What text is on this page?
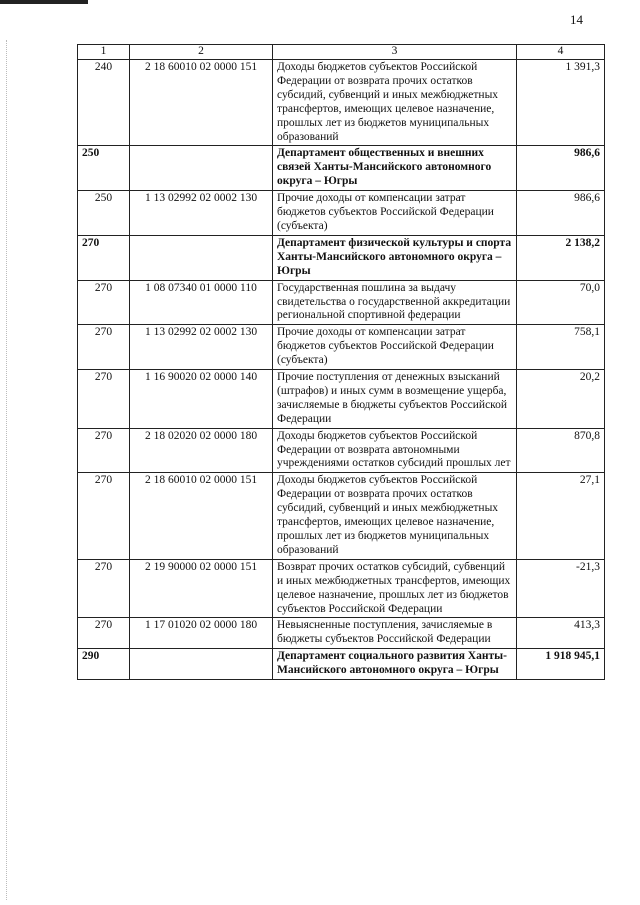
14
1	2	3	4
240	2 18 60010 02 0000 151	Доходы бюджетов субъектов Российской Федерации от возврата прочих остатков субсидий, субвенций и иных межбюджетных трансфертов, имеющих целевое назначение, прошлых лет из бюджетов муниципальных образований	1 391,3
250		Департамент общественных и внешних связей Ханты-Мансийского автономного округа – Югры	986,6
250	1 13 02992 02 0002 130	Прочие доходы от компенсации затрат бюджетов субъектов Российской Федерации (субъекта)	986,6
270		Департамент физической культуры и спорта Ханты-Мансийского автономного округа – Югры	2 138,2
270	1 08 07340 01 0000 110	Государственная пошлина за выдачу свидетельства о государственной аккредитации региональной спортивной федерации	70,0
270	1 13 02992 02 0002 130	Прочие доходы от компенсации затрат бюджетов субъектов Российской Федерации (субъекта)	758,1
270	1 16 90020 02 0000 140	Прочие поступления от денежных взысканий (штрафов) и иных сумм в возмещение ущерба, зачисляемые в бюджеты субъектов Российской Федерации	20,2
270	2 18 02020 02 0000 180	Доходы бюджетов субъектов Российской Федерации от возврата автономными учреждениями остатков субсидий прошлых лет	870,8
270	2 18 60010 02 0000 151	Доходы бюджетов субъектов Российской Федерации от возврата прочих остатков субсидий, субвенций и иных межбюджетных трансфертов, имеющих целевое назначение, прошлых лет из бюджетов муниципальных образований	27,1
270	2 19 90000 02 0000 151	Возврат прочих остатков субсидий, субвенций и иных межбюджетных трансфертов, имеющих целевое назначение, прошлых лет из бюджетов субъектов Российской Федерации	-21,3
270	1 17 01020 02 0000 180	Невыясненные поступления, зачисляемые в бюджеты субъектов Российской Федерации	413,3
290		Департамент социального развития Ханты-Мансийского автономного округа – Югры	1 918 945,1
